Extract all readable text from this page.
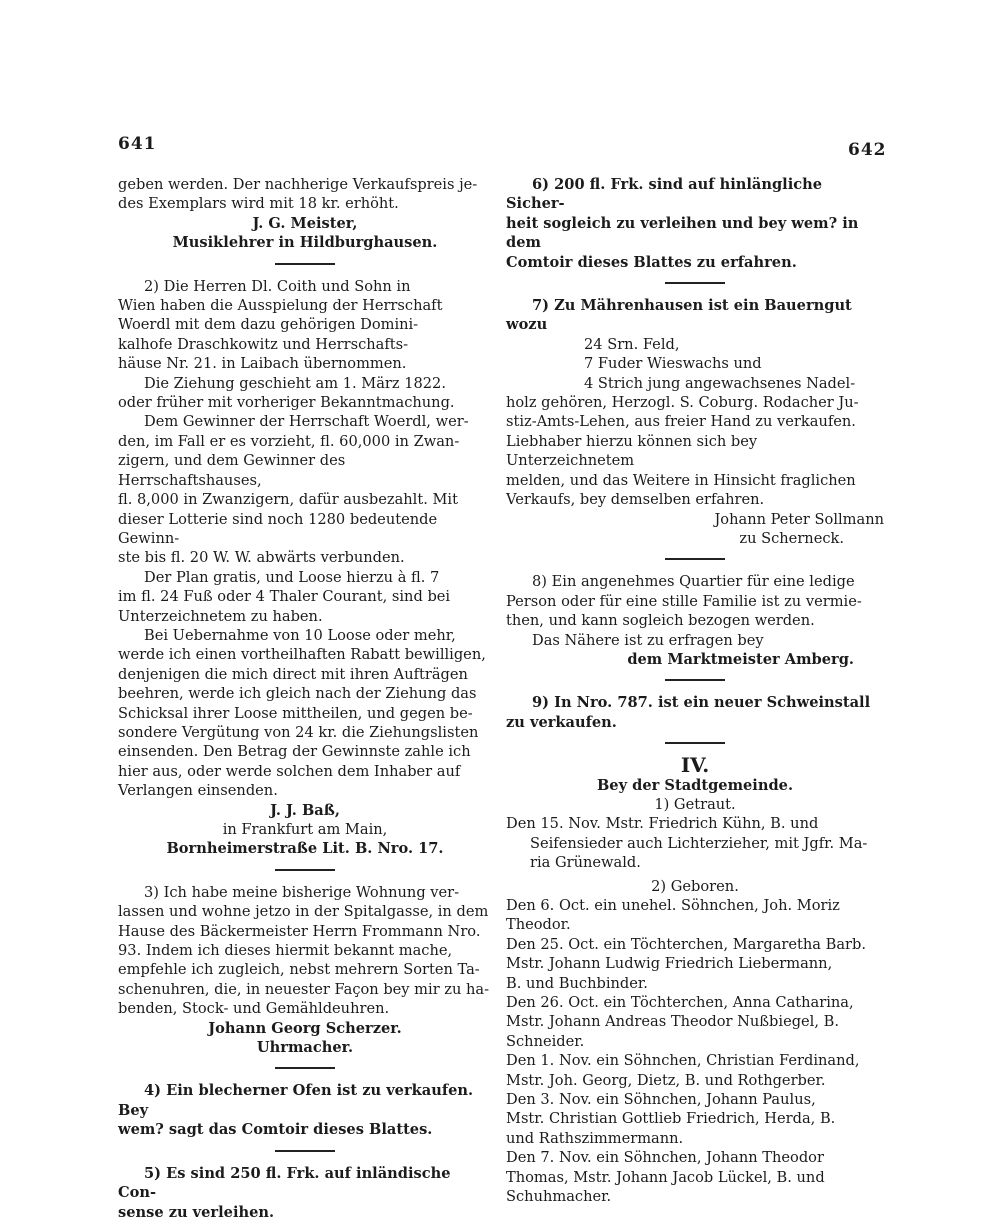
641	642

geben werden. Der nachherige Verkaufspreis je-

des Exemplars wird mit 18 kr. erhöht.

J. G. Meister,

Musiklehrer in Hildburghausen.

2) Die Herren Dl. Coith und Sohn in

Wien haben die Ausspielung der Herrschaft

Woerdl mit dem dazu gehörigen Domini-

kalhofe Draschkowitz und Herrschafts-

häuse Nr. 21. in Laibach übernommen.

Die Ziehung geschieht am 1. März 1822.

oder früher mit vorheriger Bekanntmachung.

Dem Gewinner der Herrschaft Woerdl, wer-

den, im Fall er es vorzieht, fl. 60,000 in Zwan-

zigern, und dem Gewinner des Herrschaftshauses,

fl. 8,000 in Zwanzigern, dafür ausbezahlt. Mit

dieser Lotterie sind noch 1280 bedeutende Gewinn-

ste bis fl. 20 W. W. abwärts verbunden.

Der Plan gratis, und Loose hierzu à fl. 7

im fl. 24 Fuß oder 4 Thaler Courant, sind bei

Unterzeichnetem zu haben.

Bei Uebernahme von 10 Loose oder mehr,

werde ich einen vortheilhaften Rabatt bewilligen,

denjenigen die mich direct mit ihren Aufträgen

beehren, werde ich gleich nach der Ziehung das

Schicksal ihrer Loose mittheilen, und gegen be-

sondere Vergütung von 24 kr. die Ziehungslisten

einsenden. Den Betrag der Gewinnste zahle ich

hier aus, oder werde solchen dem Inhaber auf

Verlangen einsenden.

J. J. Baß,

in Frankfurt am Main,

Bornheimerstraße Lit. B. Nro. 17.

3) Ich habe meine bisherige Wohnung ver-

lassen und wohne jetzo in der Spitalgasse, in dem

Hause des Bäckermeister Herrn Frommann Nro.

93. Indem ich dieses hiermit bekannt mache,

empfehle ich zugleich, nebst mehrern Sorten Ta-

schenuhren, die, in neuester Façon bey mir zu ha-

benden, Stock- und Gemähldeuhren.

Johann Georg Scherzer.

Uhrmacher.

4) Ein blecherner Ofen ist zu verkaufen. Bey

wem? sagt das Comtoir dieses Blattes.

5) Es sind 250 fl. Frk. auf inländische Con-

sense zu verleihen.

6) 200 fl. Frk. sind auf hinlängliche Sicher-

heit sogleich zu verleihen und bey wem? in dem

Comtoir dieses Blattes zu erfahren.

7) Zu Mährenhausen ist ein Bauerngut wozu

24 Srn. Feld,

7 Fuder Wieswachs und

4 Strich jung angewachsenes Nadel-

holz gehören, Herzogl. S. Coburg. Rodacher Ju-

stiz-Amts-Lehen, aus freier Hand zu verkaufen.

Liebhaber hierzu können sich bey Unterzeichnetem

melden, und das Weitere in Hinsicht fraglichen

Verkaufs, bey demselben erfahren.

Johann Peter Sollmann

zu Scherneck.

8) Ein angenehmes Quartier für eine ledige

Person oder für eine stille Familie ist zu vermie-

then, und kann sogleich bezogen werden.

Das Nähere ist zu erfragen bey

dem Marktmeister Amberg.

9) In Nro. 787. ist ein neuer Schweinstall

zu verkaufen.

IV.

Bey der Stadtgemeinde.

1) Getraut.

Den 15. Nov. Mstr. Friedrich Kühn, B. und

Seifensieder auch Lichterzieher, mit Jgfr. Ma-

ria Grünewald.

2) Geboren.

Den 6. Oct. ein unehel. Söhnchen, Joh. Moriz

Theodor.

Den 25. Oct. ein Töchterchen, Margaretha Barb.

Mstr. Johann Ludwig Friedrich Liebermann,

B. und Buchbinder.

Den 26. Oct. ein Töchterchen, Anna Catharina,

Mstr. Johann Andreas Theodor Nußbiegel, B.

Schneider.

Den 1. Nov. ein Söhnchen, Christian Ferdinand,

Mstr. Joh. Georg, Dietz, B. und Rothgerber.

Den 3. Nov. ein Söhnchen, Johann Paulus,

Mstr. Christian Gottlieb Friedrich, Herda, B.

und Rathszimmermann.

Den 7. Nov. ein Söhnchen, Johann Theodor

Thomas, Mstr. Johann Jacob Lückel, B. und

Schuhmacher.
